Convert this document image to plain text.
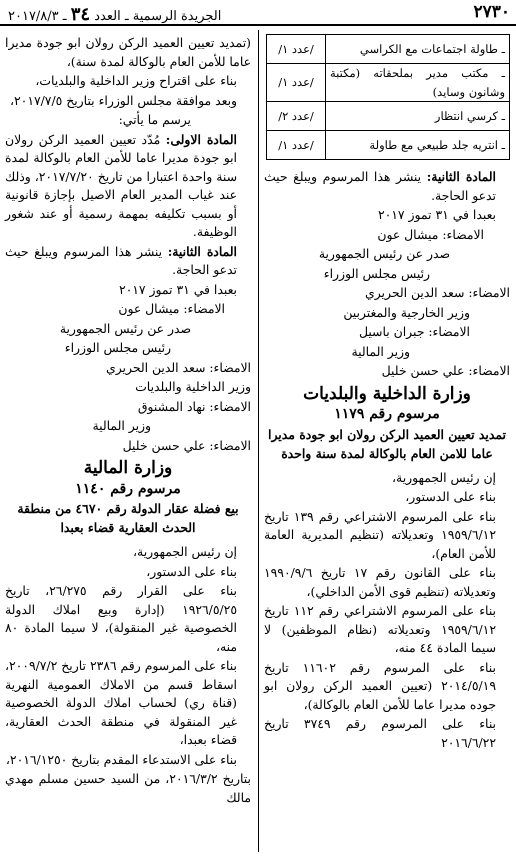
٢٧٣٠
الجريدة الرسمية ـ العدد ٣٤ ـ ٢٠١٧/٨/٣
ـ طاولة اجتماعات مع الكراسي	/عدد ١/
ـ مكتب مدير بملحقاته (مكتبة وشانون وساید)	/عدد ١/
ـ كرسي انتظار	/عدد ٢/
ـ انتريه جلد طبيعي مع طاولة	/عدد ١/

المادة الثانية: ينشر هذا المرسوم ويبلغ حيث تدعو الحاجة.

بعبدا في ٣١ تموز ٢٠١٧

الامضاء: ميشال عون

صدر عن رئيس الجمهورية

رئيس مجلس الوزراء

الامضاء: سعد الدين الحريري

وزير الخارجية والمغتربين

الامضاء: جبران باسيل

وزير المالية

الامضاء: علي حسن خليل

وزارة الداخلية والبلديات

مرسوم رقم ١١٧٩

تمديد تعيين العميد الركن رولان ابو جودة مديرا عاما للامن العام بالوكالة لمدة سنة واحدة

إن رئيس الجمهورية،

بناء على الدستور،

بناء على المرسوم الاشتراعي رقم ١٣٩ تاريخ ١٩٥٩/٦/١٢ وتعديلاته (تنظيم المديرية العامة للأمن العام)،

بناء على القانون رقم ١٧ تاريخ ١٩٩٠/٩/٦ وتعديلاته (تنظيم قوى الأمن الداخلي)،

بناء على المرسوم الاشتراعي رقم ١١٢ تاريخ ١٩٥٩/٦/١٢ وتعديلاته (نظام الموظفين) لا سيما المادة ٤٤ منه،

بناء على المرسوم رقم ١١٦٠٢ تاريخ ٢٠١٤/٥/١٩ (تعيين العميد الركن رولان ابو جوده مديرا عاما للأمن العام بالوكالة)،

بناء على المرسوم رقم ٣٧٤٩ تاريخ ٢٠١٦/٦/٢٢

(تمديد تعيين العميد الركن رولان ابو جودة مديرا عاما للأمن العام بالوكالة لمدة سنة)،

بناء على اقتراح وزير الداخلية والبلديات،

وبعد موافقة مجلس الوزراء بتاريخ ٢٠١٧/٧/٥،

يرسم ما يأتي:

المادة الاولى: مُدّد تعيين العميد الركن رولان ابو جودة مديرا عاما للأمن العام بالوكالة لمدة سنة واحدة اعتبارا من تاريخ ٢٠١٧/٧/٢٠، وذلك عند غياب المدير العام الاصيل بإجازة قانونية أو بسبب تكليفه بمهمة رسمية أو عند شغور الوظيفة.

المادة الثانية: ينشر هذا المرسوم ويبلغ حيث تدعو الحاجة.

بعبدا في ٣١ تموز ٢٠١٧

الامضاء: ميشال عون

صدر عن رئيس الجمهورية

رئيس مجلس الوزراء

الامضاء: سعد الدين الحريري

وزير الداخلية والبلديات

الامضاء: نهاد المشنوق

وزير المالية

الامضاء: علي حسن خليل

وزارة المالية

مرسوم رقم ١١٤٠

بيع فضلة عقار الدولة رقم ٤٦٧٠ من منطقة الحدث العقارية قضاء بعبدا

إن رئيس الجمهورية،

بناء على الدستور،

بناء على القرار رقم ٢٦/٢٧٥، تاريخ ١٩٢٦/٥/٢٥ (إدارة وبيع املاك الدولة الخصوصية غير المنقولة)، لا سيما المادة ٨٠ منه،

بناء على المرسوم رقم ٢٣٨٦ تاريخ ٢٠٠٩/٧/٢، اسقاط قسم من الاملاك العمومية النهرية (قناة ري) لحساب املاك الدولة الخصوصية غير المنقولة في منطقة الحدث العقارية، قضاء بعبدا،

بناء على الاستدعاء المقدم بتاريخ ٢٠١٦/١٢٥٠،

بتاريخ ٢٠١٦/٣/٢، من السيد حسين مسلم مهدي مالك
